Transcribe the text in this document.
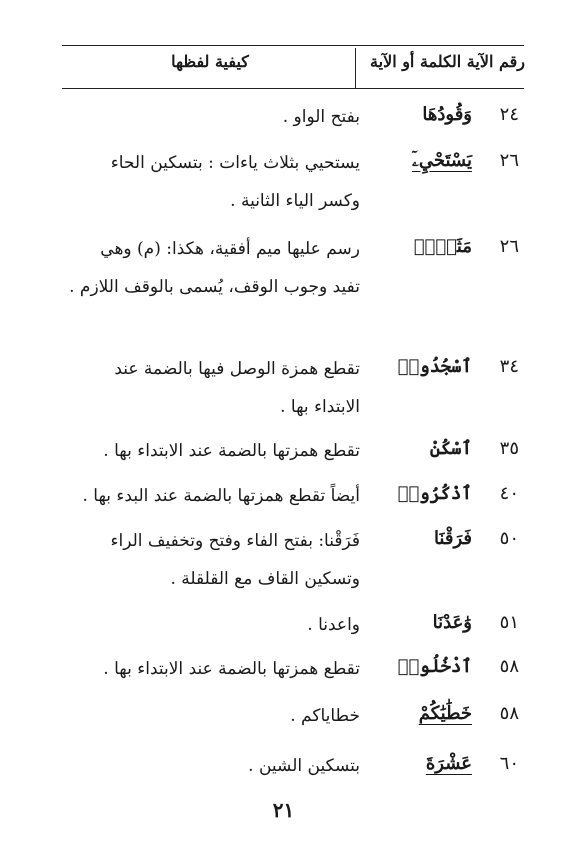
رقم الآية الكلمة أو الآية
كيفية لفظها
٢٤
وَقُودُهَا
بفتح الواو .
٢٦
يَسْتَحْيِۦٓ
يستحيي بثلاث ياءات : بتسكين الحاء وكسر الياء الثانية .
٢٦
مَثَلًاۘ
رسم عليها ميم أفقية، هكذا: (م) وهي تفيد وجوب الوقف، يُسمى بالوقف اللازم .
٣٤
ٱسْجُدُوا۟
تقطع همزة الوصل فيها بالضمة عند الابتداء بها .
٣٥
ٱسْكُنْ
تقطع همزتها بالضمة عند الابتداء بها .
٤٠
ٱذْكُرُوا۟
أيضاً تقطع همزتها بالضمة عند البدء بها .
٥٠
فَرَقْنَا
فَرَقْنا: بفتح الفاء وفتح وتخفيف الراء وتسكين القاف مع القلقلة .
٥١
وَٰعَدْنَا
واعدنا .
٥٨
ٱدْخُلُوا۟
تقطع همزتها بالضمة عند الابتداء بها .
٥٨
خَطَٰيَٰكُمْ
خطاياكم .
٦٠
عَشْرَةَ
بتسكين الشين .
٢١
